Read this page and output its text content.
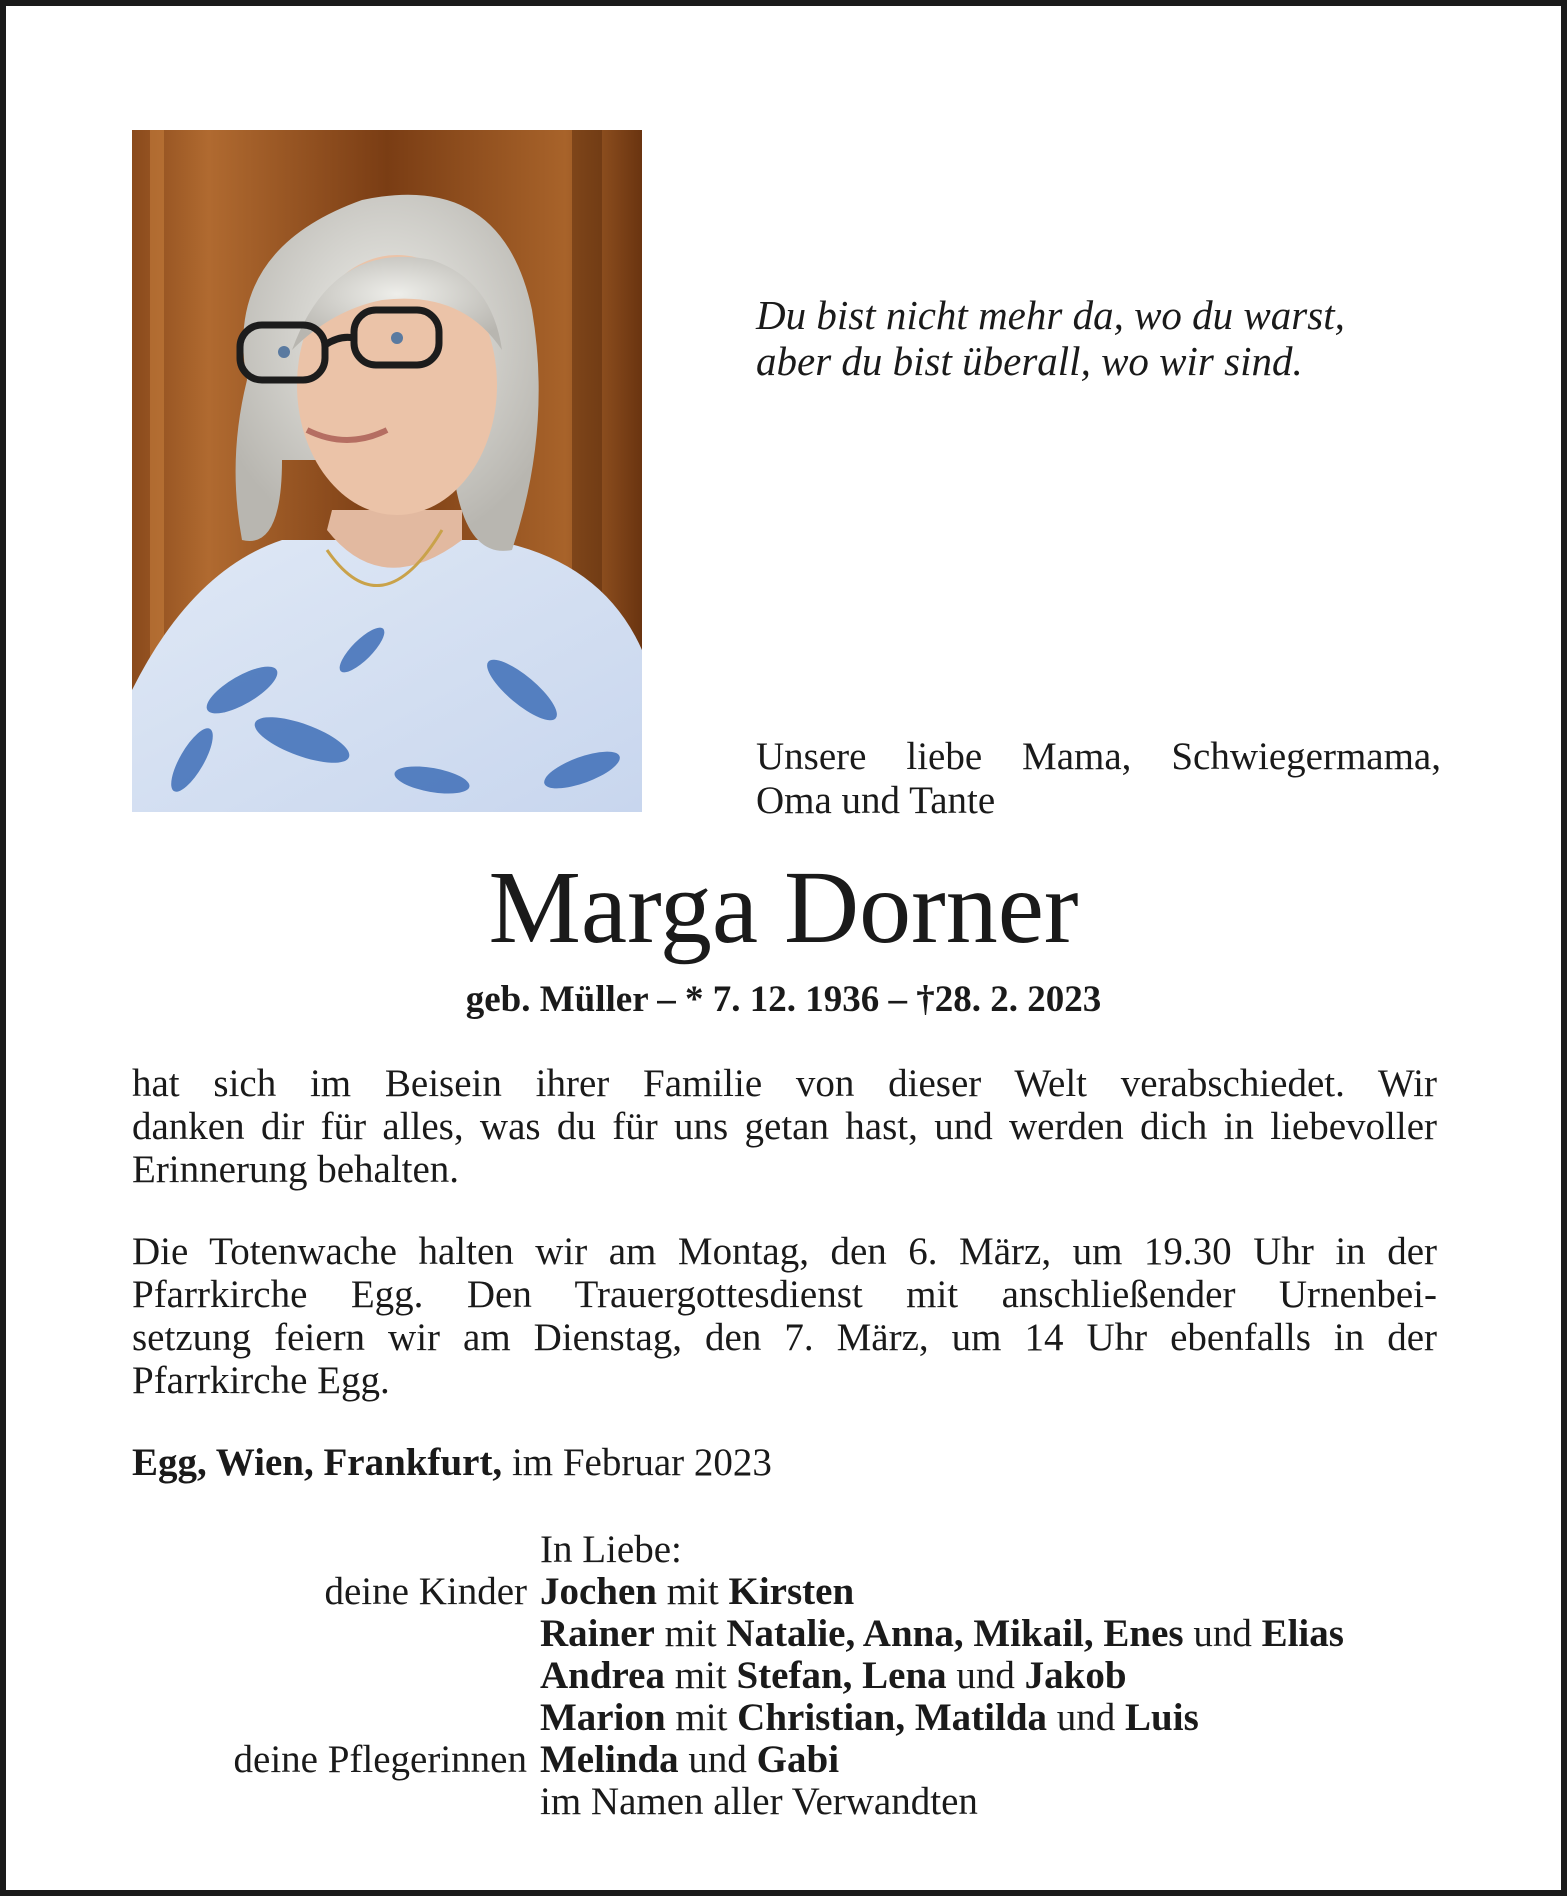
Du bist nicht mehr da, wo du warst,
aber du bist überall, wo wir sind.
Unsere liebe Mama, Schwiegermama,
Oma und Tante
Marga Dorner
geb. Müller – * 7. 12. 1936 – †28. 2. 2023
hat sich im Beisein ihrer Familie von dieser Welt verabschiedet. Wir
danken dir für alles, was du für uns getan hast, und werden dich in liebevoller
Erinnerung behalten.
Die Totenwache halten wir am Montag, den 6. März, um 19.30 Uhr in der
Pfarrkirche Egg. Den Trauergottesdienst mit anschließender Urnenbei-
setzung feiern wir am Dienstag, den 7. März, um 14 Uhr ebenfalls in der
Pfarrkirche Egg.
Egg, Wien, Frankfurt, im Februar 2023
In Liebe:
deine Kinder Jochen mit Kirsten
Rainer mit Natalie, Anna, Mikail, Enes und Elias
Andrea mit Stefan, Lena und Jakob
Marion mit Christian, Matilda und Luis
deine Pflegerinnen Melinda und Gabi
im Namen aller Verwandten
